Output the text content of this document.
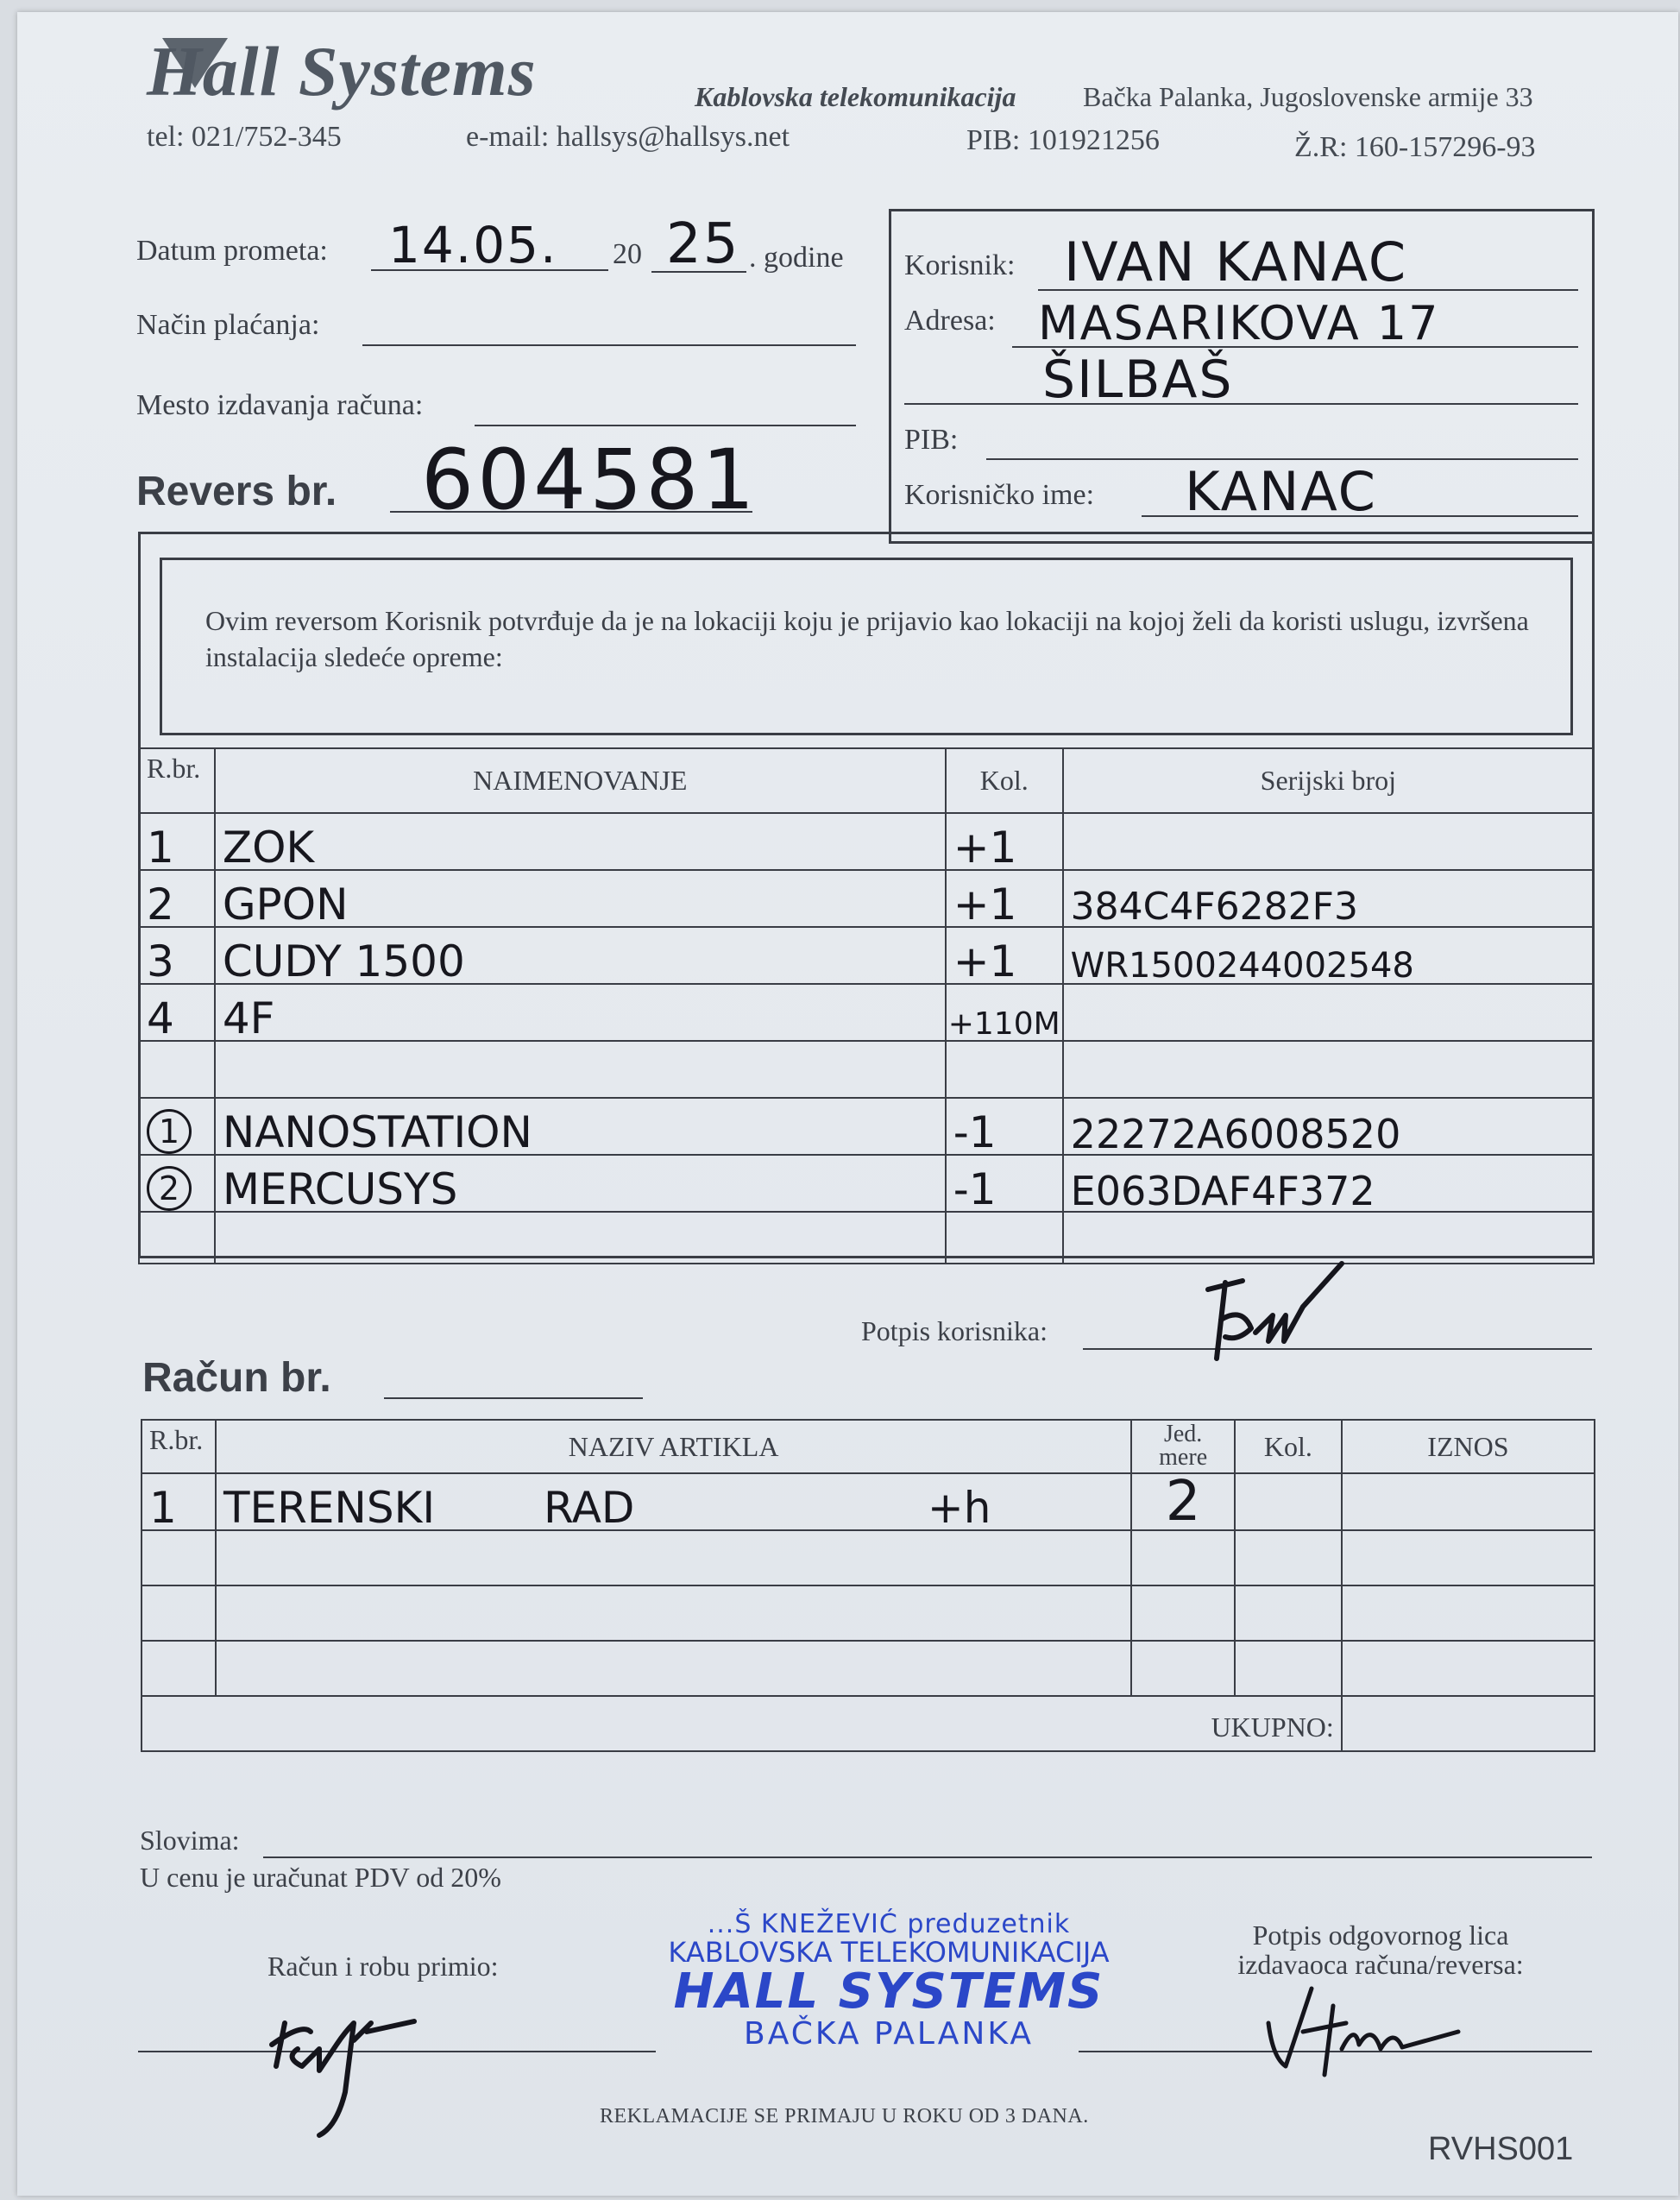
Hall Systems	Kablovska telekomunikacija Bačka Palanka, Jugoslovenske armije 33
tel: 021/752-345	e-mail: hallsys@hallsys.net	PIB: 101921256	Ž.R: 160-157296-93
Datum prometa: 14.05. 20 25 . godine
Način plaćanja:
Mesto izdavanja računa:
Revers br. 604581
Korisnik: IVAN KANAC
Adresa: MASARIKOVA 17
ŠILBAŠ
PIB:
Korisničko ime: KANAC
Ovim reversom Korisnik potvrđuje da je na lokaciji koju je prijavio kao lokaciji na kojoj želi da koristi uslugu, izvršena instalacija sledeće opreme:
R.br.	NAIMENOVANJE	Kol.	Serijski broj
1	ZOK	+1	
2	GPON	+1	384C4F6282F3
3	CUDY 1500	+1	WR1500244002548
4	4F	+110M	

1	NANOSTATION	-1	22272A6008520
2	MERCUSYS	-1	E063DAF4F372

Potpis korisnika:
Račun br.
R.br.	NAZIV ARTIKLA	Jed. mere	Kol.	IZNOS
1	TERENSKI RAD +h	2		

UKUPNO:				
Slovima:
U cenu je uračunat PDV od 20%
Račun i robu primio:
...Š KNEŽEVIĆ preduzetnik
KABLOVSKA TELEKOMUNIKACIJA
HALL SYSTEMS
BAČKA PALANKA
Potpis odgovornog lica
izdavaoca računa/reversa:
REKLAMACIJE SE PRIMAJU U ROKU OD 3 DANA.
RVHS001
